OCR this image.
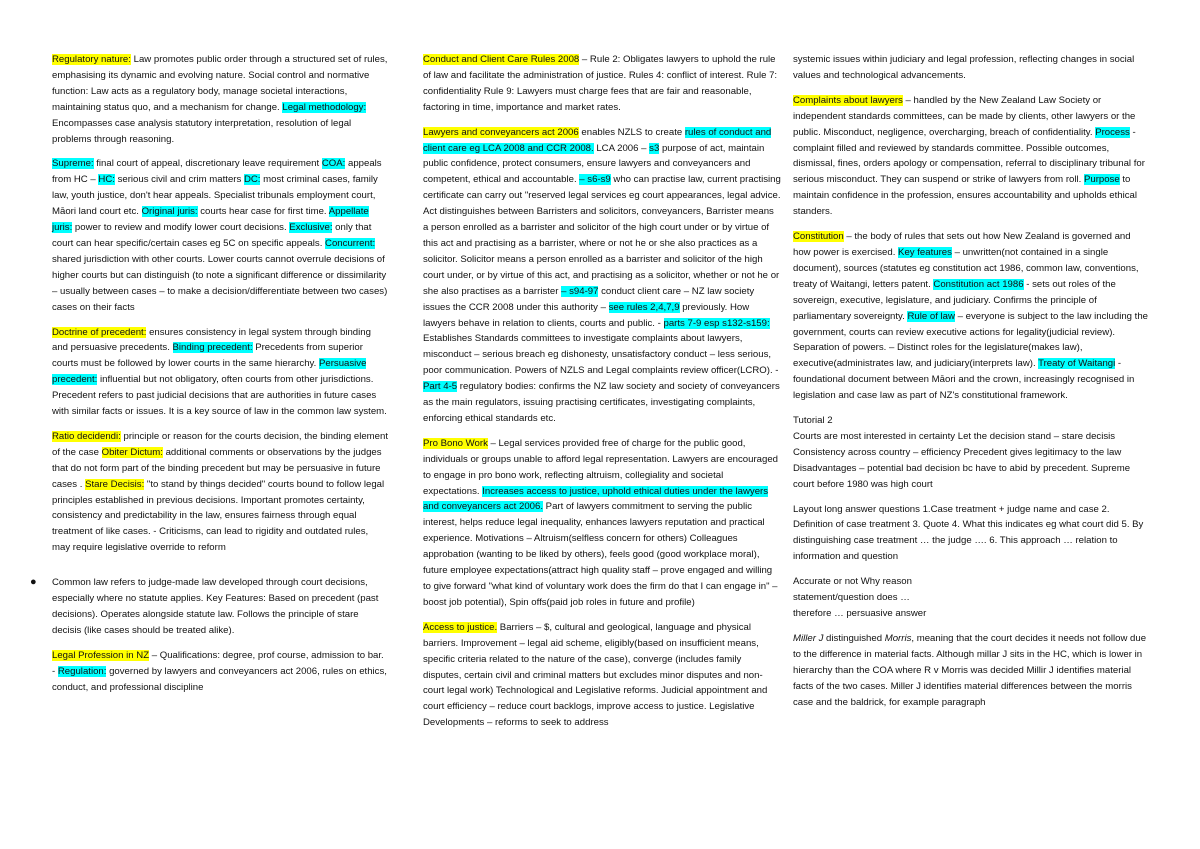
Regulatory nature: Law promotes public order through a structured set of rules, emphasising its dynamic and evolving nature. Social control and normative function: Law acts as a regulatory body, manage societal interactions, maintaining status quo, and a mechanism for change. Legal methodology: Encompasses case analysis statutory interpretation, resolution of legal problems through reasoning.

Supreme: final court of appeal, discretionary leave requirement COA: appeals from HC – HC: serious civil and crim matters DC: most criminal cases, family law, youth justice, don't hear appeals. Specialist tribunals employment court, Māori land court etc. Original juris: courts hear case for first time. Appellate juris: power to review and modify lower court decisions. Exclusive: only that court can hear specific/certain cases eg 5C on specific appeals. Concurrent: shared jurisdiction with other courts. Lower courts cannot overrule decisions of higher courts but can distinguish (to note a significant difference or dissimilarity – usually between cases – to make a decision/differentiate between two cases) cases on their facts

Doctrine of precedent: ensures consistency in legal system through binding and persuasive precedents. Binding precedent: Precedents from superior courts must be followed by lower courts in the same hierarchy. Persuasive precedent: influential but not obligatory, often courts from other jurisdictions. Precedent refers to past judicial decisions that are authorities in future cases with similar facts or issues. It is a key source of law in the common law system.

Ratio decidendi: principle or reason for the courts decision, the binding element of the case Obiter Dictum: additional comments or observations by the judges that do not form part of the binding precedent but may be persuasive in future cases . Stare Decisis: "to stand by things decided" courts bound to follow legal principles established in previous decisions. Important promotes certainty, consistency and predictability in the law, ensures fairness through equal treatment of like cases. - Criticisms, can lead to rigidity and outdated rules, may require legislative override to reform

● Common law refers to judge-made law developed through court decisions, especially where no statute applies. Key Features: Based on precedent (past decisions). Operates alongside statute law. Follows the principle of stare decisis (like cases should be treated alike).

Legal Profession in NZ – Qualifications: degree, prof course, admission to bar. - Regulation: governed by lawyers and conveyancers act 2006, rules on ethics, conduct, and professional discipline

Conduct and Client Care Rules 2008 – Rule 2: Obligates lawyers to uphold the rule of law and facilitate the administration of justice. Rules 4: conflict of interest. Rule 7: confidentiality Rule 9: Lawyers must charge fees that are fair and reasonable, factoring in time, importance and market rates.

Lawyers and conveyancers act 2006 enables NZLS to create rules of conduct and client care eg LCA 2008 and CCR 2008. LCA 2006 – s3 purpose of act, maintain public confidence, protect consumers, ensure lawyers and conveyancers and competent, ethical and accountable. – s6-s9 who can practise law, current practising certificate can carry out "reserved legal services eg court appearances, legal advice. Act distinguishes between Barristers and solicitors, conveyancers, Barrister means a person enrolled as a barrister and solicitor of the high court under or by virtue of this act and practising as a barrister, where or not he or she also practices as a solicitor. Solicitor means a person enrolled as a barrister and solicitor of the high court under, or by virtue of this act, and practising as a solicitor, whether or not he or she also practises as a barrister – s94-97 conduct client care – NZ law society issues the CCR 2008 under this authority – see rules 2,4,7,9 previously. How lawyers behave in relation to clients, courts and public. - parts 7-9 esp s132-s159: Establishes Standards committees to investigate complaints about lawyers, misconduct – serious breach eg dishonesty, unsatisfactory conduct – less serious, poor communication. Powers of NZLS and Legal complaints review officer(LCRO). - Part 4-5 regulatory bodies: confirms the NZ law society and society of conveyancers as the main regulators, issuing practising certificates, investigating complaints, enforcing ethical standards etc.

Pro Bono Work – Legal services provided free of charge for the public good, individuals or groups unable to afford legal representation. Lawyers are encouraged to engage in pro bono work, reflecting altruism, collegiality and societal expectations. Increases access to justice, uphold ethical duties under the lawyers and conveyancers act 2006. Part of lawyers commitment to serving the public interest, helps reduce legal inequality, enhances lawyers reputation and practical experience. Motivations – Altruism(selfless concern for others) Colleagues approbation (wanting to be liked by others), feels good (good workplace moral), future employee expectations(attract high quality staff – prove engaged and willing to give forward "what kind of voluntary work does the firm do that I can engage in" – boost job potential), Spin offs(paid job roles in future and profile)

Access to justice. Barriers – $, cultural and geological, language and physical barriers. Improvement – legal aid scheme, eligibly(based on insufficient means, specific criteria related to the nature of the case), converge (includes family disputes, certain civil and criminal matters but excludes minor disputes and non-court legal work) Technological and Legislative reforms. Judicial appointment and court efficiency – reduce court backlogs, improve access to justice. Legislative Developments – reforms to seek to address

systemic issues within judiciary and legal profession, reflecting changes in social values and technological advancements.

Complaints about lawyers – handled by the New Zealand Law Society or independent standards committees, can be made by clients, other lawyers or the public. Misconduct, negligence, overcharging, breach of confidentiality. Process - complaint filled and reviewed by standards committee. Possible outcomes, dismissal, fines, orders apology or compensation, referral to disciplinary tribunal for serious misconduct. They can suspend or strike of lawyers from roll. Purpose to maintain confidence in the profession, ensures accountability and upholds ethical standers.

Constitution – the body of rules that sets out how New Zealand is governed and how power is exercised. Key features – unwritten(not contained in a single document), sources (statutes eg constitution act 1986, common law, conventions, treaty of Waitangi, letters patent. Constitution act 1986 - sets out roles of the sovereign, executive, legislature, and judiciary. Confirms the principle of parliamentary sovereignty. Rule of law – everyone is subject to the law including the government, courts can review executive actions for legality(judicial review). Separation of powers. – Distinct roles for the legislature(makes law), executive(administrates law, and judiciary(interprets law). Treaty of Waitangi - foundational document between Māori and the crown, increasingly recognised in legislation and case law as part of NZ's constitutional framework.

Tutorial 2
Courts are most interested in certainty Let the decision stand – stare decisis Consistency across country – efficiency Precedent gives legitimacy to the law Disadvantages – potential bad decision bc have to abid by precedent. Supreme court before 1980 was high court

Layout long answer questions 1.Case treatment + judge name and case 2. Definition of case treatment 3. Quote 4. What this indicates eg what court did 5. By distinguishing case treatment … the judge …. 6. This approach … relation to information and question

Accurate or not Why reason
statement/question does …
therefore … persuasive answer

Miller J distinguished Morris, meaning that the court decides it needs not follow due to the difference in material facts. Although millar J sits in the HC, which is lower in hierarchy than the COA where R v Morris was decided Millir J identifies material facts of the two cases. Miller J identifies material differences between the morris case and the baldrick, for example paragraph
